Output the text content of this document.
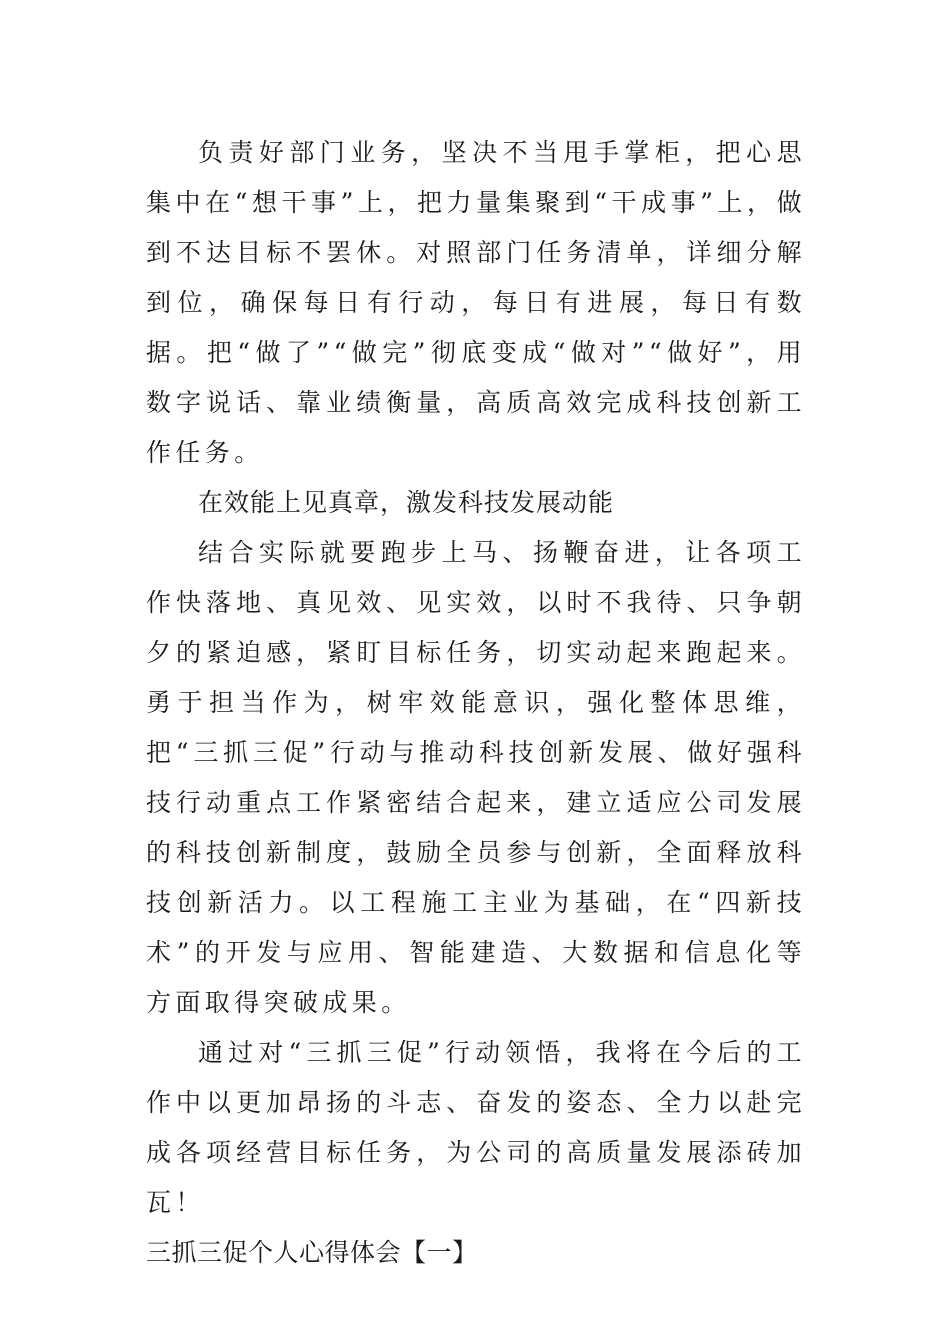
负责好部门业务，坚决不当甩手掌柜，把心思集中在“想干事”上，把力量集聚到“干成事”上，做到不达目标不罢休。对照部门任务清单，详细分解到位，确保每日有行动，每日有进展，每日有数据。把“做了”“做完”彻底变成“做对”“做好”，用数字说话、靠业绩衡量，高质高效完成科技创新工作任务。

在效能上见真章，激发科技发展动能

结合实际就要跑步上马、扬鞭奋进，让各项工作快落地、真见效、见实效，以时不我待、只争朝夕的紧迫感，紧盯目标任务，切实动起来跑起来。勇于担当作为，树牢效能意识，强化整体思维，把“三抓三促”行动与推动科技创新发展、做好强科技行动重点工作紧密结合起来，建立适应公司发展的科技创新制度，鼓励全员参与创新，全面释放科技创新活力。以工程施工主业为基础，在“四新技术”的开发与应用、智能建造、大数据和信息化等方面取得突破成果。

通过对“三抓三促”行动领悟，我将在今后的工作中以更加昂扬的斗志、奋发的姿态、全力以赴完成各项经营目标任务，为公司的高质量发展添砖加瓦！

三抓三促个人心得体会【一】
